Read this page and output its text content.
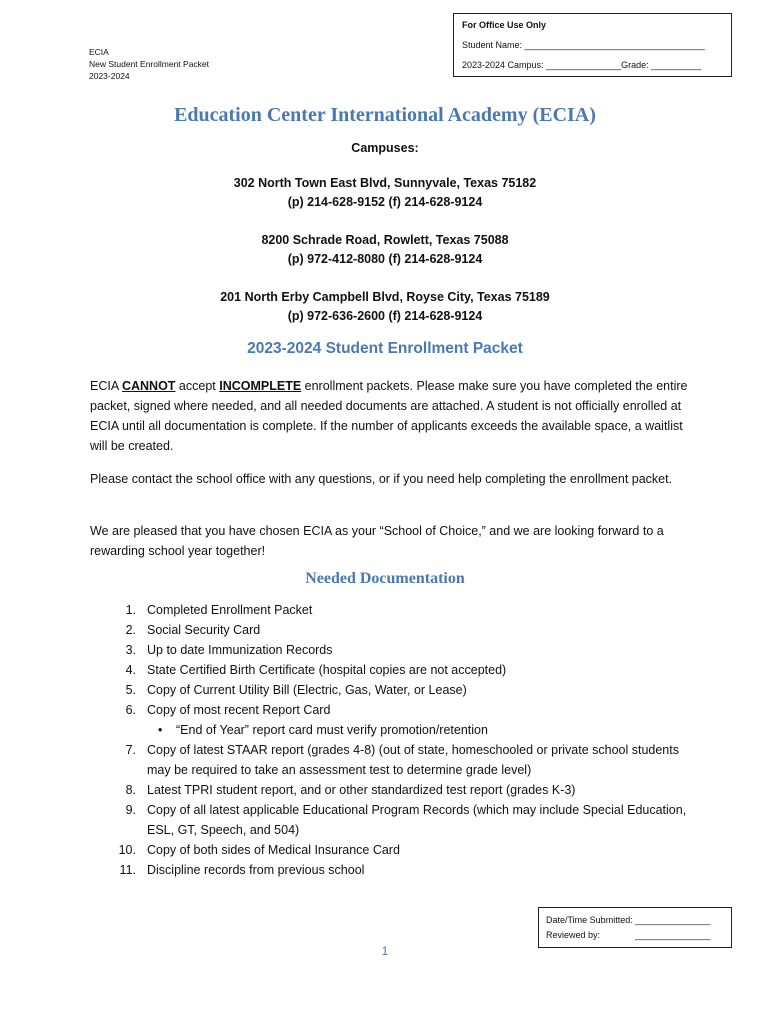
For Office Use Only
Student Name: ____________________________________
2023-2024 Campus: _______________Grade: __________
ECIA
New Student Enrollment Packet
2023-2024
Education Center International Academy (ECIA)
Campuses:
302 North Town East Blvd, Sunnyvale, Texas 75182
(p) 214-628-9152 (f) 214-628-9124
8200 Schrade Road, Rowlett, Texas 75088
(p) 972-412-8080 (f) 214-628-9124
201 North Erby Campbell Blvd, Royse City, Texas 75189
(p) 972-636-2600 (f) 214-628-9124
2023-2024 Student Enrollment Packet
ECIA CANNOT accept INCOMPLETE enrollment packets. Please make sure you have completed the entire packet, signed where needed, and all needed documents are attached. A student is not officially enrolled at ECIA until all documentation is complete. If the number of applicants exceeds the available space, a waitlist will be created.
Please contact the school office with any questions, or if you need help completing the enrollment packet.
We are pleased that you have chosen ECIA as your “School of Choice,” and we are looking forward to a rewarding school year together!
Needed Documentation
1. Completed Enrollment Packet
2. Social Security Card
3. Up to date Immunization Records
4. State Certified Birth Certificate (hospital copies are not accepted)
5. Copy of Current Utility Bill (Electric, Gas, Water, or Lease)
6. Copy of most recent Report Card
•	“End of Year” report card must verify promotion/retention
7. Copy of latest STAAR report (grades 4-8) (out of state, homeschooled or private school students may be required to take an assessment test to determine grade level)
8. Latest TPRI student report, and or other standardized test report (grades K-3)
9. Copy of all latest applicable Educational Program Records (which may include Special Education, ESL, GT, Speech, and 504)
10. Copy of both sides of Medical Insurance Card
11. Discipline records from previous school
Date/Time Submitted: _______________
Reviewed by:              _______________
1
